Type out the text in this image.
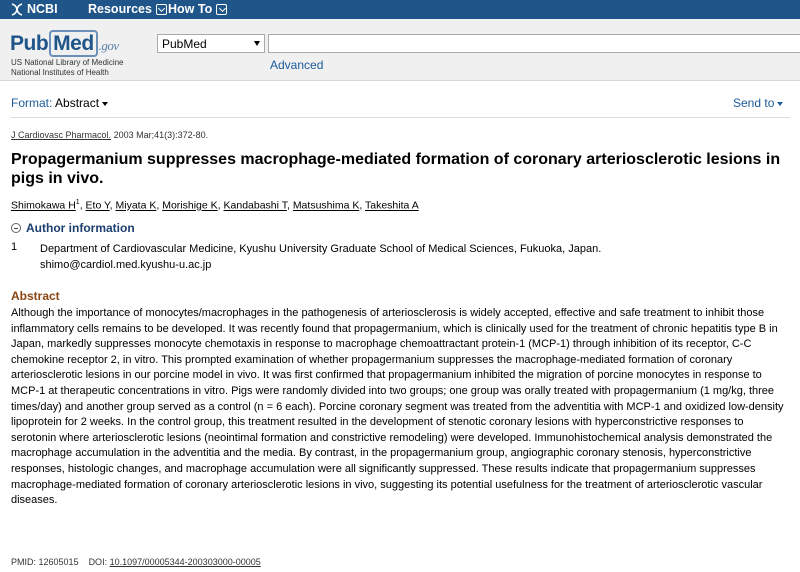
NCBI Resources How To
Pub Med .gov
US National Library of Medicine
National Institutes of Health
PubMed
Advanced
Format: Abstract	Send to
J Cardiovasc Pharmacol. 2003 Mar;41(3):372-80.
Propagermanium suppresses macrophage-mediated formation of coronary arteriosclerotic lesions in pigs in vivo.
Shimokawa $H^1$, Eto Y, Miyata K, Morishige K, Kandabashi T, Matsushima K, Takeshita A
Author information
1 Department of Cardiovascular Medicine, Kyushu University Graduate School of Medical Sciences, Fukuoka, Japan.
shimo@cardiol.med.kyushu-u.ac.jp
Abstract

Although the importance of monocytes/macrophages in the pathogenesis of arteriosclerosis is widely accepted, effective and safe treatment to inhibit those inflammatory cells remains to be developed. It was recently found that propagermanium, which is clinically used for the treatment of chronic hepatitis type B in Japan, markedly suppresses monocyte chemotaxis in response to macrophage chemoattractant protein-1 (MCP-1) through inhibition of its receptor, C-C chemokine receptor 2, in vitro. This prompted examination of whether propagermanium suppresses the macrophage-mediated formation of coronary arteriosclerotic lesions in our porcine model in vivo. It was first confirmed that propagermanium inhibited the migration of porcine monocytes in response to MCP-1 at therapeutic concentrations in vitro. Pigs were randomly divided into two groups; one group was orally treated with propagermanium (1 mg/kg, three times/day) and another group served as a control (n = 6 each). Porcine coronary segment was treated from the adventitia with MCP-1 and oxidized low-density lipoprotein for 2 weeks. In the control group, this treatment resulted in the development of stenotic coronary lesions with hyperconstrictive responses to serotonin where arteriosclerotic lesions (neointimal formation and constrictive remodeling) were developed. Immunohistochemical analysis demonstrated the macrophage accumulation in the adventitia and the media. By contrast, in the propagermanium group, angiographic coronary stenosis, hyperconstrictive responses, histologic changes, and macrophage accumulation were all significantly suppressed. These results indicate that propagermanium suppresses macrophage-mediated formation of coronary arteriosclerotic lesions in vivo, suggesting its potential usefulness for the treatment of arteriosclerotic vascular diseases.

PMID: 12605015 DOI: 10.1097/00005344-200303000-00005
